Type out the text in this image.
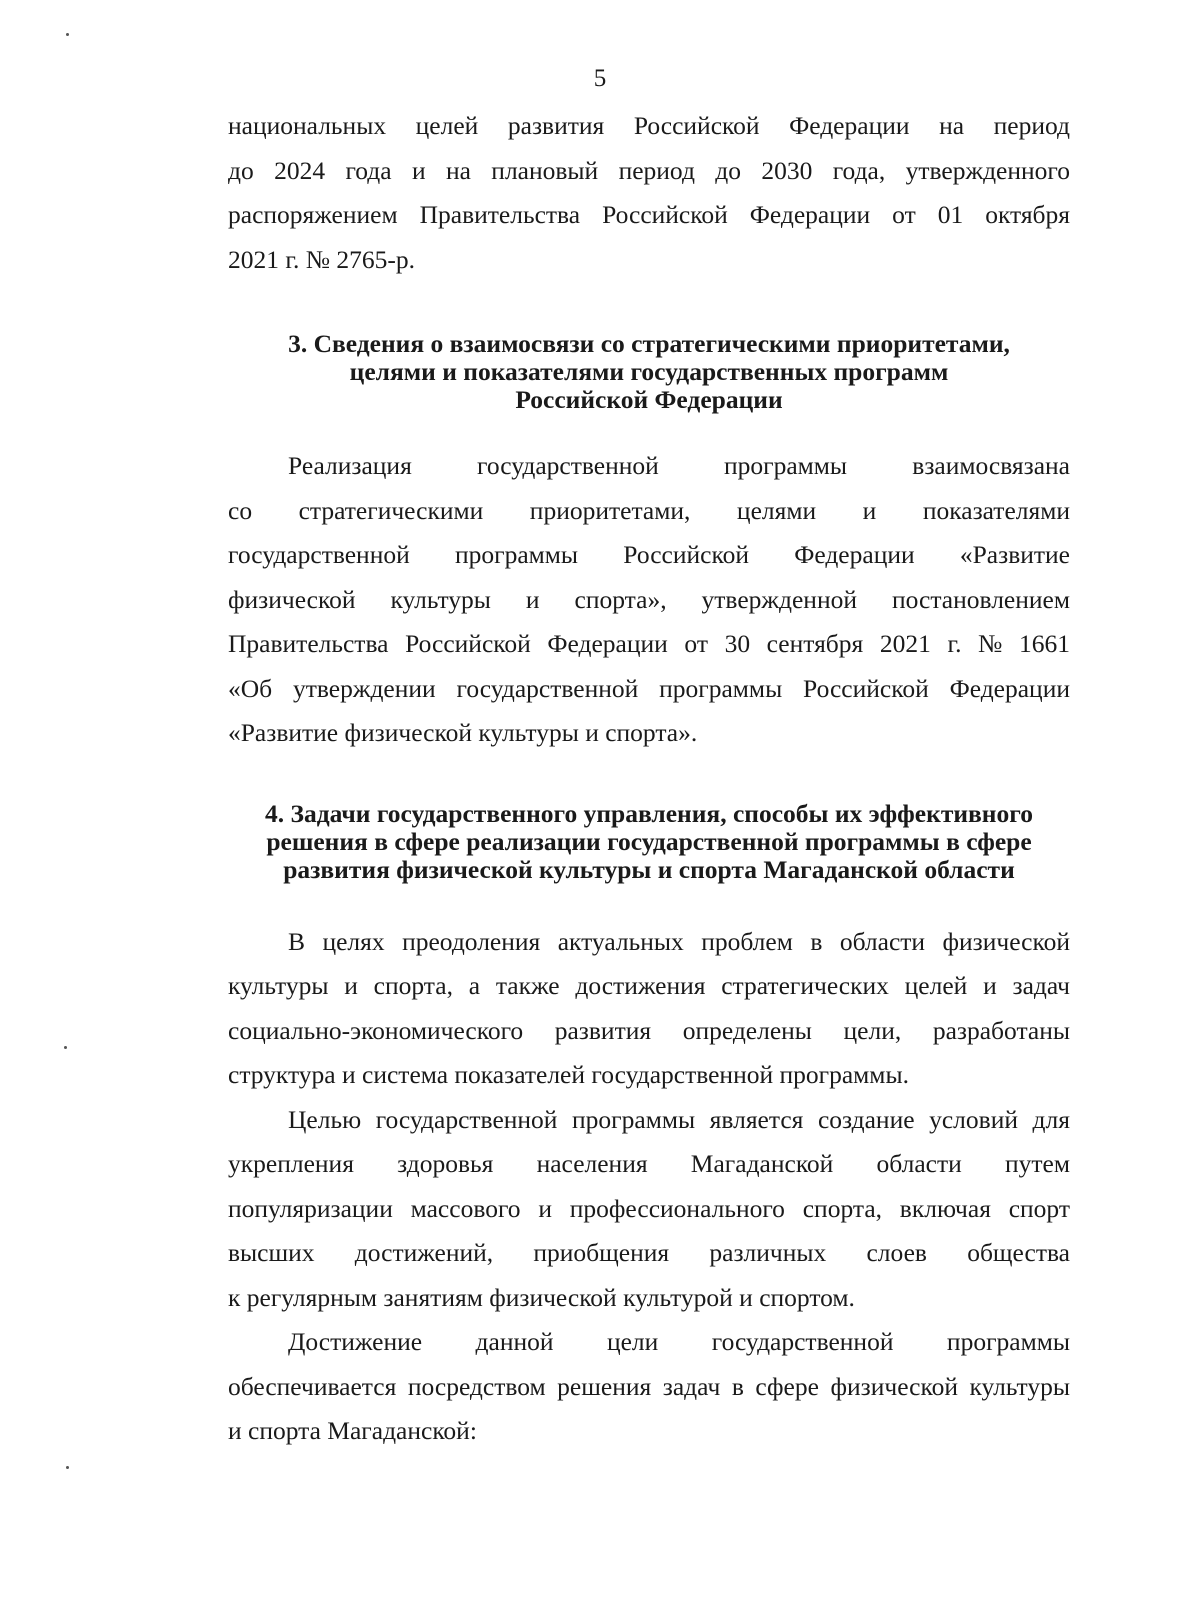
5

национальных целей развития Российской Федерации на период
до 2024 года и на плановый период до 2030 года, утвержденного
распоряжением Правительства Российской Федерации от 01 октября
2021 г. № 2765-р.

3. Сведения о взаимосвязи со стратегическими приоритетами,
целями и показателями государственных программ
Российской Федерации

Реализация государственной программы взаимосвязана
со стратегическими приоритетами, целями и показателями
государственной программы Российской Федерации «Развитие
физической культуры и спорта», утвержденной постановлением
Правительства Российской Федерации от 30 сентября 2021 г. № 1661
«Об утверждении государственной программы Российской Федерации
«Развитие физической культуры и спорта».

4. Задачи государственного управления, способы их эффективного
решения в сфере реализации государственной программы в сфере
развития физической культуры и спорта Магаданской области

В целях преодоления актуальных проблем в области физической
культуры и спорта, а также достижения стратегических целей и задач
социально-экономического развития определены цели, разработаны
структура и система показателей государственной программы.

Целью государственной программы является создание условий для
укрепления здоровья населения Магаданской области путем
популяризации массового и профессионального спорта, включая спорт
высших достижений, приобщения различных слоев общества
к регулярным занятиям физической культурой и спортом.

Достижение данной цели государственной программы
обеспечивается посредством решения задач в сфере физической культуры
и спорта Магаданской:
